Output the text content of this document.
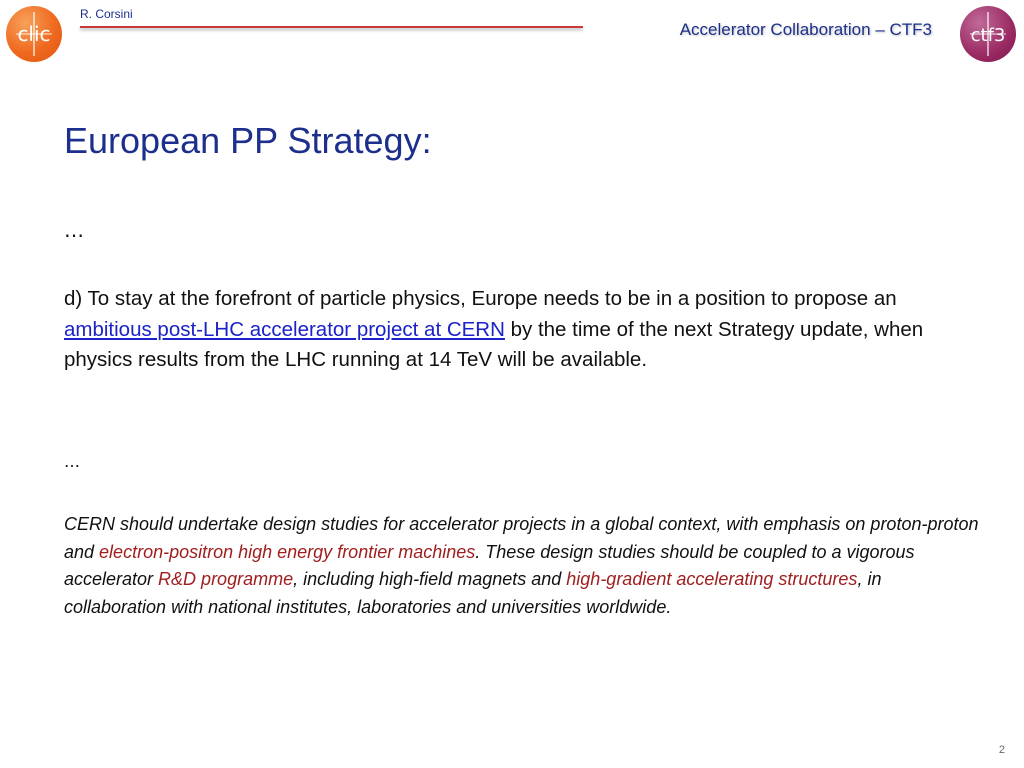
clic
R. Corsini
Accelerator Collaboration – CTF3 ctf3
European PP Strategy:
…

d) To stay at the forefront of particle physics, Europe needs to be in a position to propose an ambitious post-LHC accelerator project at CERN by the time of the next Strategy update, when physics results from the LHC running at 14 TeV will be available.

…

CERN should undertake design studies for accelerator projects in a global context, with emphasis on proton-proton and electron-positron high energy frontier machines. These design studies should be coupled to a vigorous accelerator R&D programme, including high-field magnets and high-gradient accelerating structures, in collaboration with national institutes, laboratories and universities worldwide.

2
